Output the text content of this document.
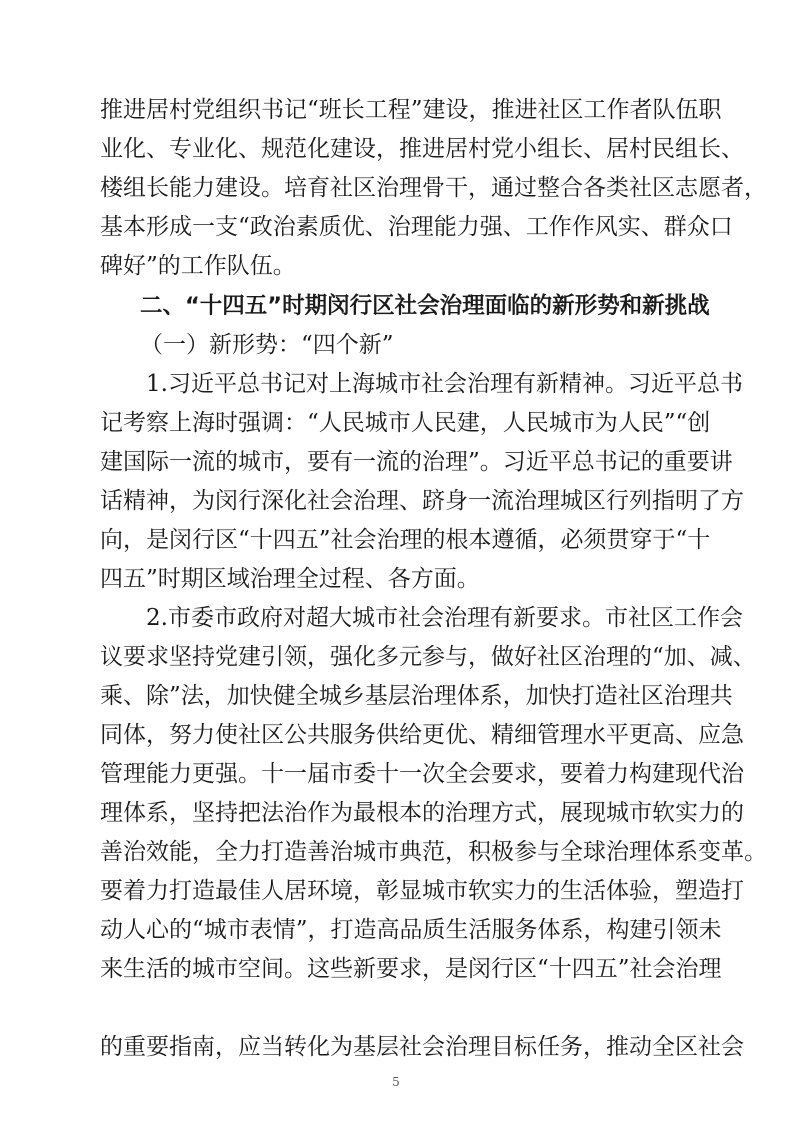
推进居村党组织书记“班长工程”建设，推进社区工作者队伍职
业化、专业化、规范化建设，推进居村党小组长、居村民组长、
楼组长能力建设。培育社区治理骨干，通过整合各类社区志愿者，
基本形成一支“政治素质优、治理能力强、工作作风实、群众口
碑好”的工作队伍。
二、“十四五”时期闵行区社会治理面临的新形势和新挑战
（一）新形势：“四个新”
1.习近平总书记对上海城市社会治理有新精神。习近平总书
记考察上海时强调：“人民城市人民建，人民城市为人民”“创
建国际一流的城市，要有一流的治理”。习近平总书记的重要讲
话精神，为闵行深化社会治理、跻身一流治理城区行列指明了方
向，是闵行区“十四五”社会治理的根本遵循，必须贯穿于“十
四五”时期区域治理全过程、各方面。
2.市委市政府对超大城市社会治理有新要求。市社区工作会
议要求坚持党建引领，强化多元参与，做好社区治理的“加、减、
乘、除”法，加快健全城乡基层治理体系，加快打造社区治理共
同体，努力使社区公共服务供给更优、精细管理水平更高、应急
管理能力更强。十一届市委十一次全会要求，要着力构建现代治
理体系，坚持把法治作为最根本的治理方式，展现城市软实力的
善治效能，全力打造善治城市典范，积极参与全球治理体系变革。
要着力打造最佳人居环境，彰显城市软实力的生活体验，塑造打
动人心的“城市表情”，打造高品质生活服务体系，构建引领未
来生活的城市空间。这些新要求，是闵行区“十四五”社会治理
5
的重要指南，应当转化为基层社会治理目标任务，推动全区社会
